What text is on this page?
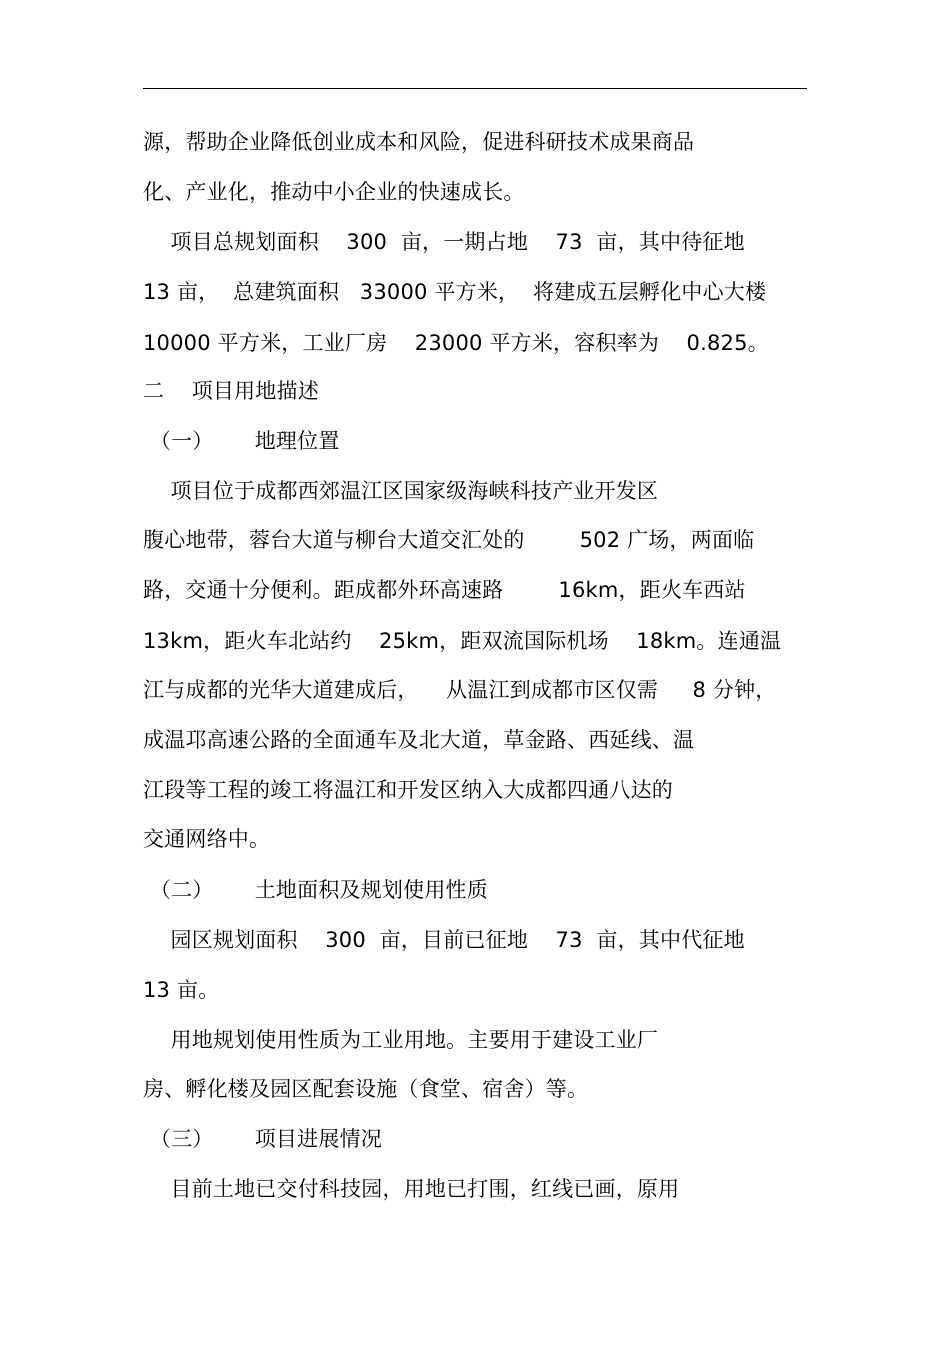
源，帮助企业降低创业成本和风险，促进科研技术成果商品
化、产业化，推动中小企业的快速成长。
项目总规划面积    300  亩，一期占地    73  亩，其中待征地
13 亩，  总建筑面积   33000 平方米，  将建成五层孵化中心大楼
10000 平方米，工业厂房    23000 平方米，容积率为    0.825。
二    项目用地描述
（一）      地理位置
项目位于成都西郊温江区国家级海峡科技产业开发区
腹心地带，蓉台大道与柳台大道交汇处的        502 广场，两面临
路，交通十分便利。距成都外环高速路        16km，距火车西站
13km，距火车北站约    25km，距双流国际机场    18km。连通温
江与成都的光华大道建成后，    从温江到成都市区仅需     8 分钟，
成温邛高速公路的全面通车及北大道，草金路、西延线、温
江段等工程的竣工将温江和开发区纳入大成都四通八达的
交通网络中。
（二）      土地面积及规划使用性质
园区规划面积    300  亩，目前已征地    73  亩，其中代征地
13 亩。
用地规划使用性质为工业用地。主要用于建设工业厂
房、孵化楼及园区配套设施（食堂、宿舍）等。
（三）      项目进展情况
目前土地已交付科技园，用地已打围，红线已画，原用
